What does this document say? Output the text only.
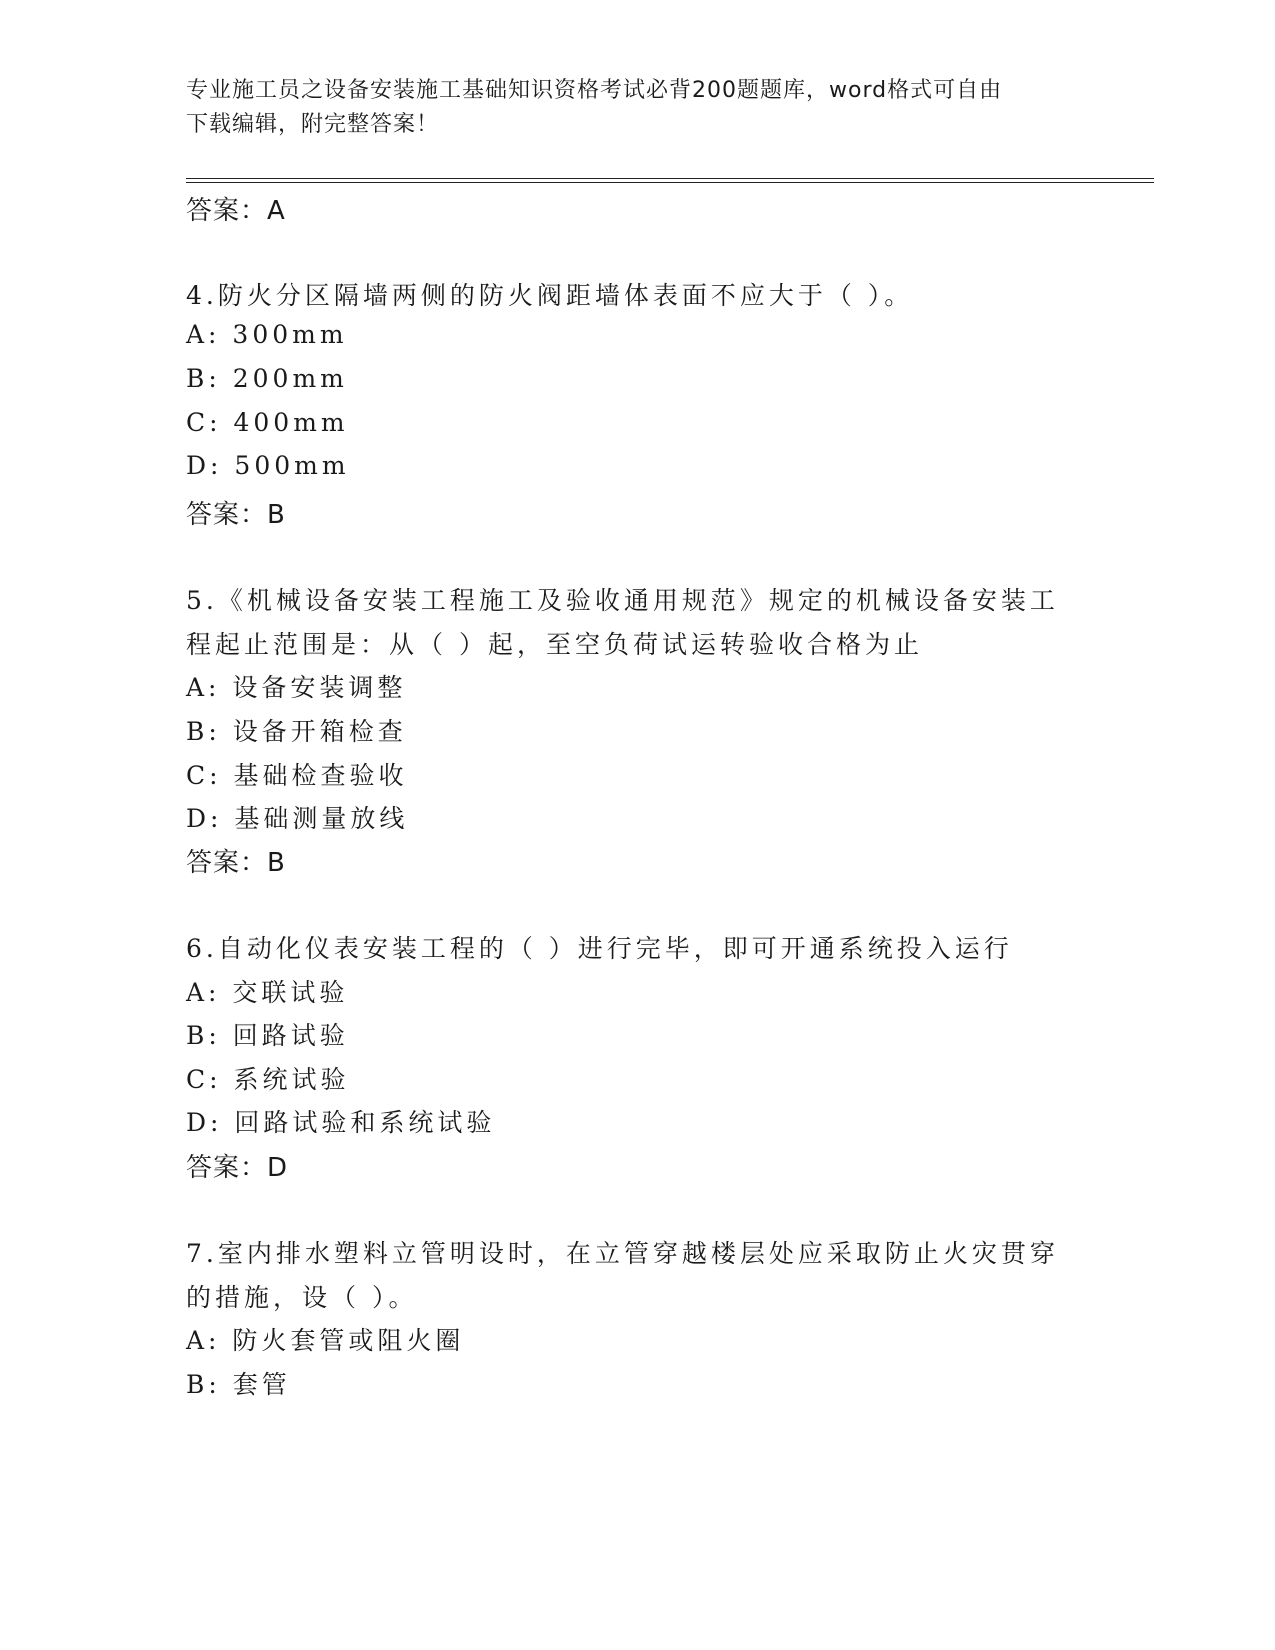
专业施工员之设备安装施工基础知识资格考试必背200题题库，word格式可自由
下载编辑，附完整答案！
答案：A
4.防火分区隔墙两侧的防火阀距墙体表面不应大于（ ）。
A: 300mm
B: 200mm
C: 400mm
D: 500mm
答案：B
5.《机械设备安装工程施工及验收通用规范》规定的机械设备安装工
程起止范围是：从（ ）起，至空负荷试运转验收合格为止
A: 设备安装调整
B: 设备开箱检查
C: 基础检查验收
D: 基础测量放线
答案：B
6.自动化仪表安装工程的（ ）进行完毕，即可开通系统投入运行
A: 交联试验
B: 回路试验
C: 系统试验
D: 回路试验和系统试验
答案：D
7.室内排水塑料立管明设时，在立管穿越楼层处应采取防止火灾贯穿
的措施，设（ ）。
A: 防火套管或阻火圈
B: 套管
